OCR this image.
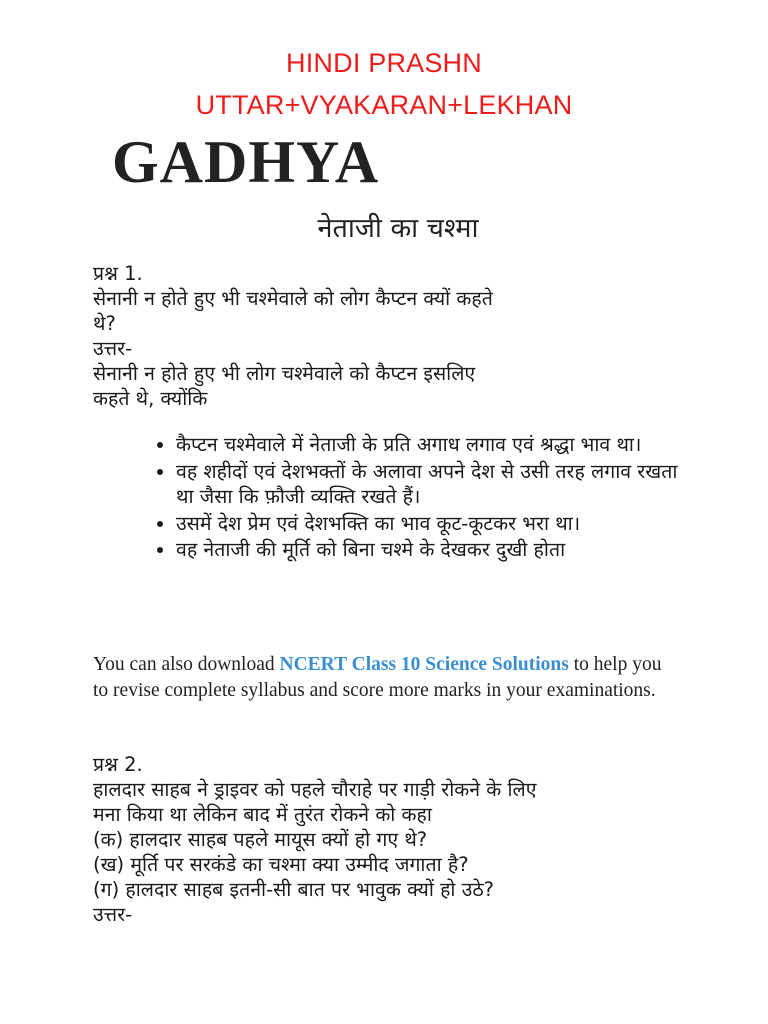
HINDI PRASHN
UTTAR+VYAKARAN+LEKHAN
GADHYA
नेताजी का चश्मा
प्रश्न 1.
सेनानी न होते हुए भी चश्मेवाले को लोग कैप्टन क्यों कहते
थे?
उत्तर-
सेनानी न होते हुए भी लोग चश्मेवाले को कैप्टन इसलिए
कहते थे, क्योंकि
• कैप्टन चश्मेवाले में नेताजी के प्रति अगाध लगाव एवं श्रद्धा भाव था।
• वह शहीदों एवं देशभक्तों के अलावा अपने देश से उसी तरह लगाव रखता था जैसा कि फ़ौजी व्यक्ति रखते हैं।
• उसमें देश प्रेम एवं देशभक्ति का भाव कूट-कूटकर भरा था।
• वह नेताजी की मूर्ति को बिना चश्मे के देखकर दुखी होता
You can also download NCERT Class 10 Science Solutions to help you to revise complete syllabus and score more marks in your examinations.
प्रश्न 2.
हालदार साहब ने ड्राइवर को पहले चौराहे पर गाड़ी रोकने के लिए
मना किया था लेकिन बाद में तुरंत रोकने को कहा
(क) हालदार साहब पहले मायूस क्यों हो गए थे?
(ख) मूर्ति पर सरकंडे का चश्मा क्या उम्मीद जगाता है?
(ग) हालदार साहब इतनी-सी बात पर भावुक क्यों हो उठे?
उत्तर-
